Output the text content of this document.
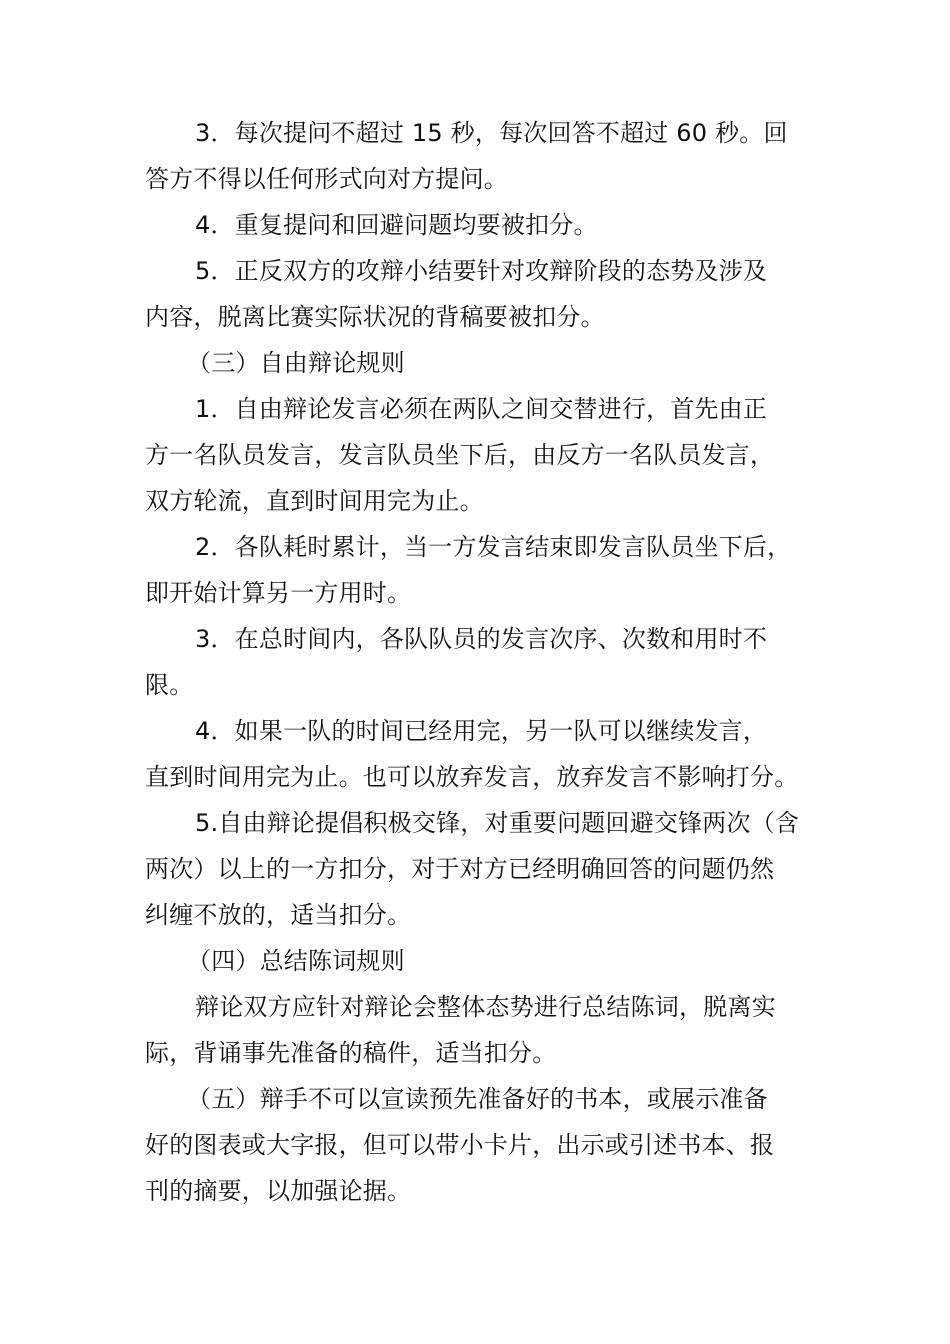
3．每次提问不超过 15 秒，每次回答不超过 60 秒。回

答方不得以任何形式向对方提问。

4．重复提问和回避问题均要被扣分。

5．正反双方的攻辩小结要针对攻辩阶段的态势及涉及

内容，脱离比赛实际状况的背稿要被扣分。

（三）自由辩论规则

1．自由辩论发言必须在两队之间交替进行，首先由正

方一名队员发言，发言队员坐下后，由反方一名队员发言，

双方轮流，直到时间用完为止。

2．各队耗时累计，当一方发言结束即发言队员坐下后，

即开始计算另一方用时。

3．在总时间内，各队队员的发言次序、次数和用时不

限。

4．如果一队的时间已经用完，另一队可以继续发言，

直到时间用完为止。也可以放弃发言，放弃发言不影响打分。

5.自由辩论提倡积极交锋，对重要问题回避交锋两次（含

两次）以上的一方扣分，对于对方已经明确回答的问题仍然

纠缠不放的，适当扣分。

（四）总结陈词规则

辩论双方应针对辩论会整体态势进行总结陈词，脱离实

际，背诵事先准备的稿件，适当扣分。

（五）辩手不可以宣读预先准备好的书本，或展示准备

好的图表或大字报，但可以带小卡片，出示或引述书本、报

刊的摘要，以加强论据。
